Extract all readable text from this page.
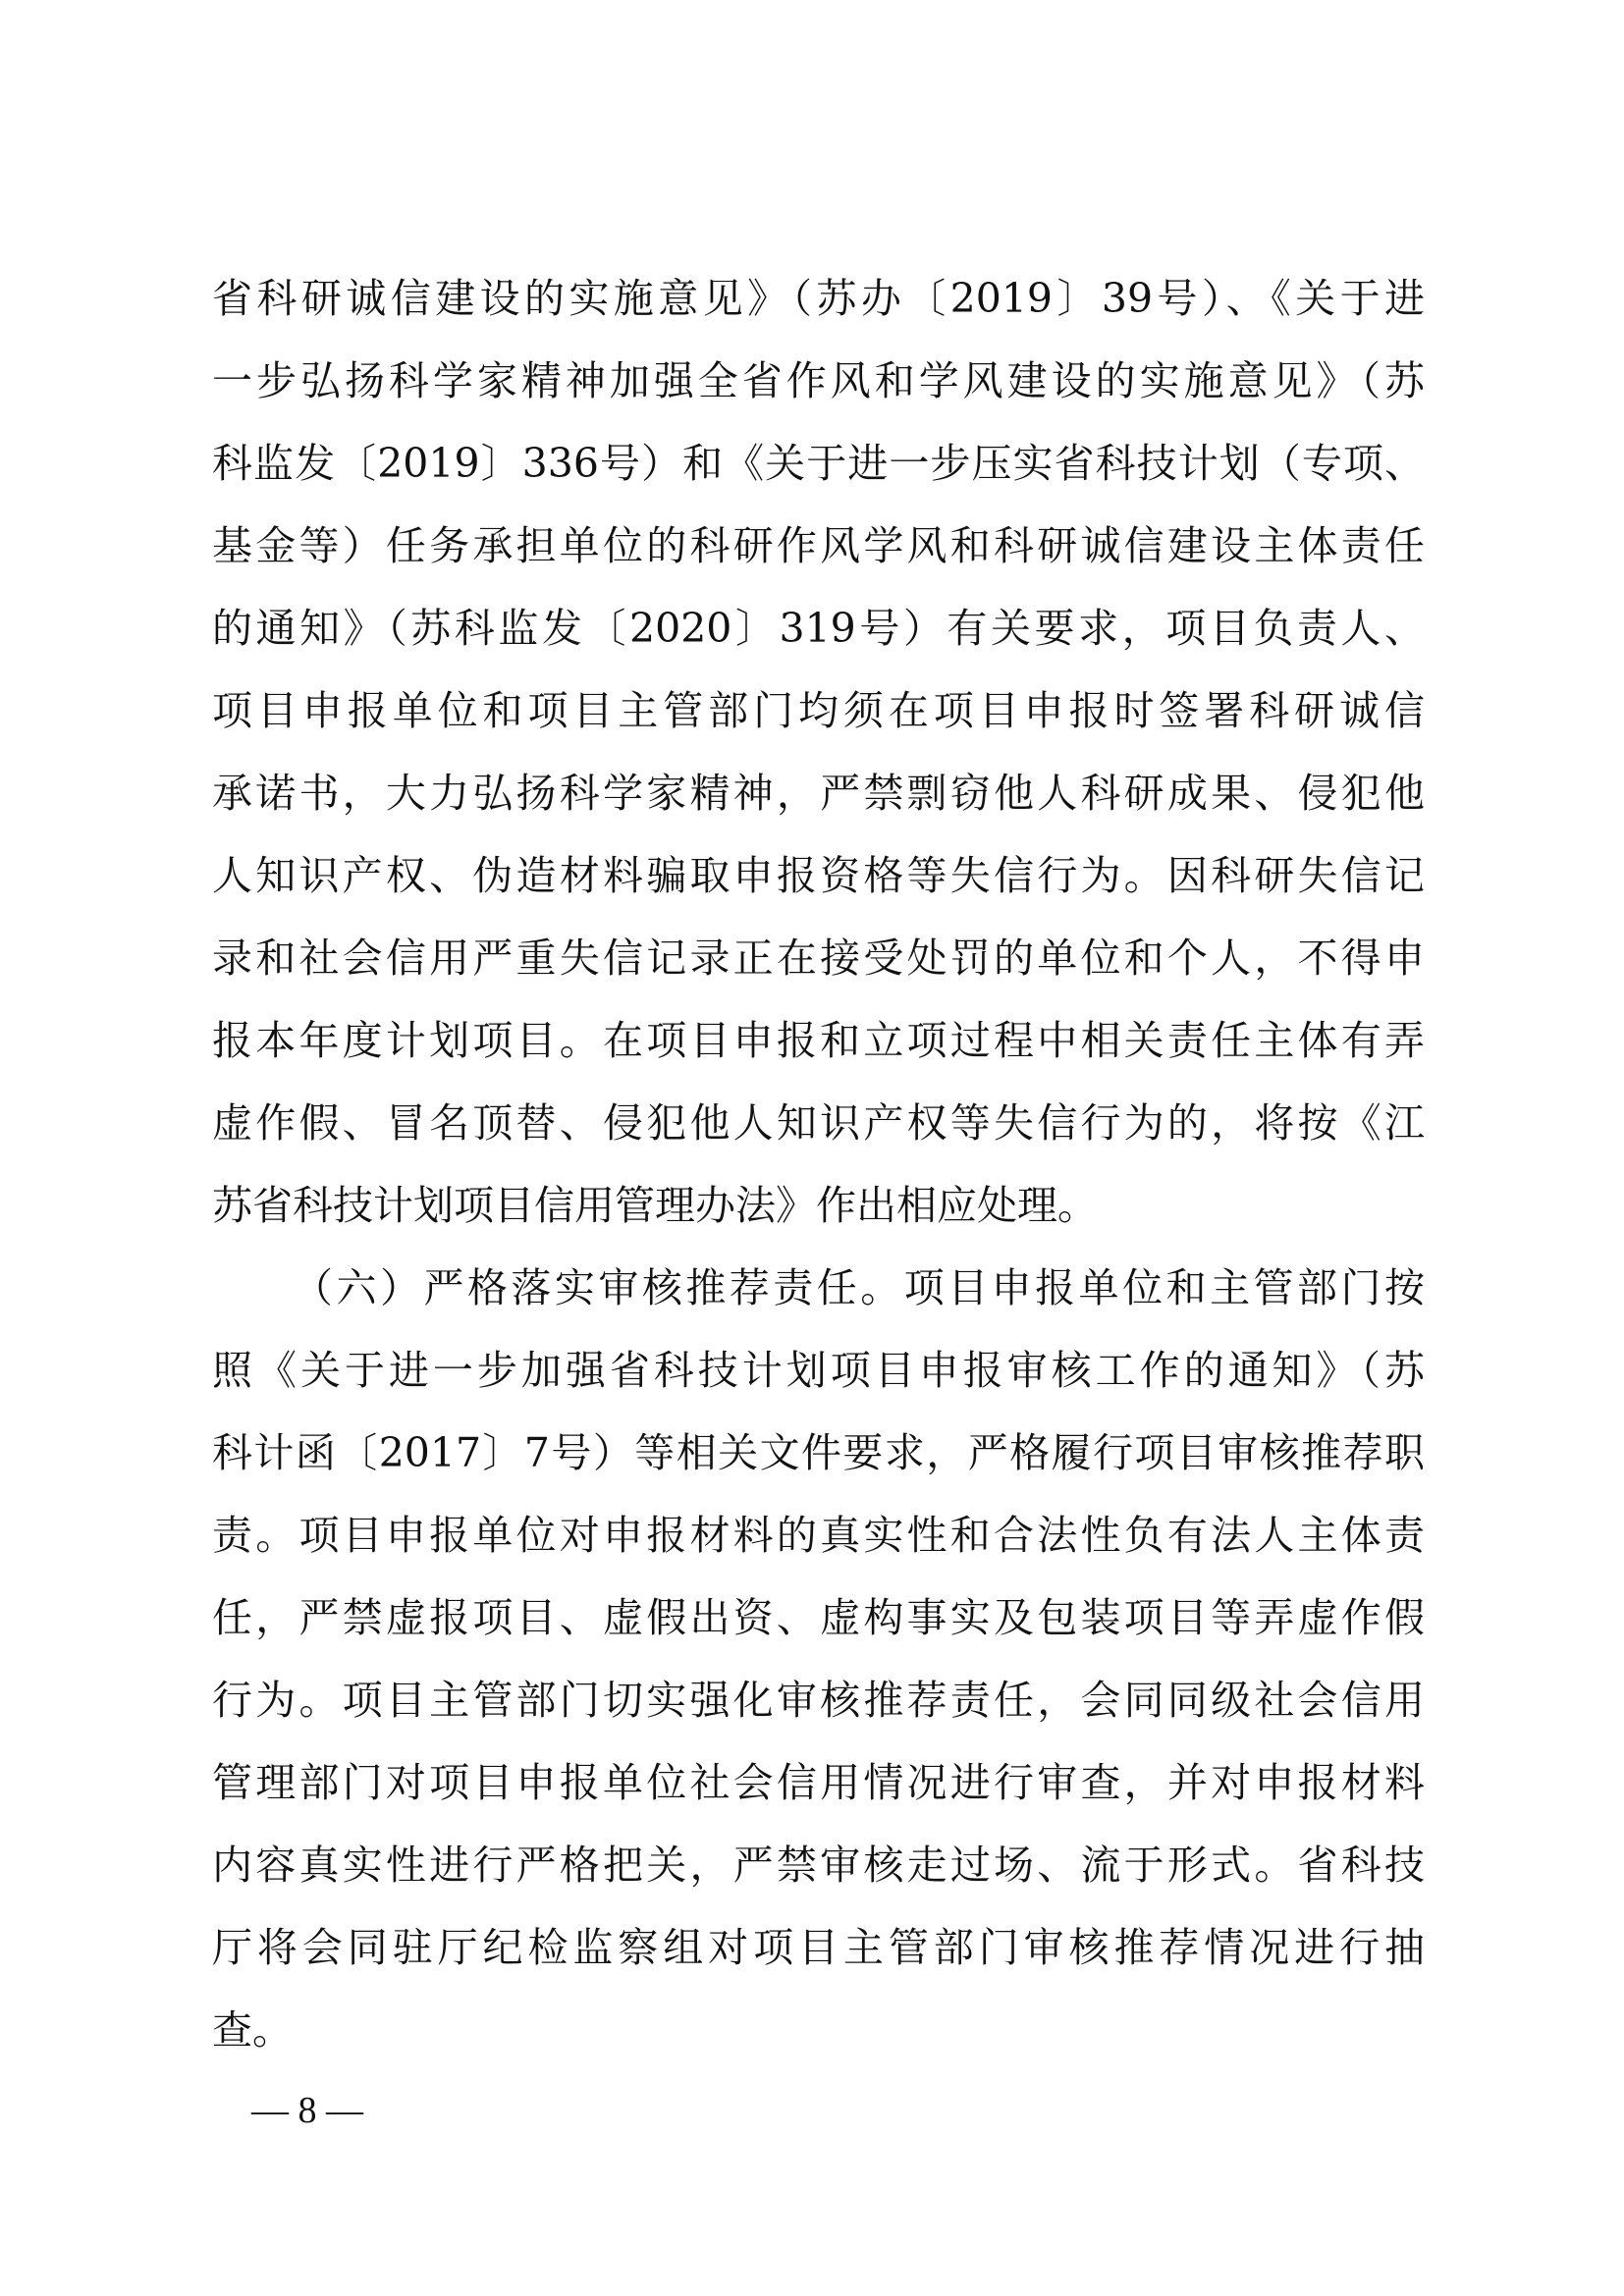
省科研诚信建设的实施意见》（苏办〔2019〕39号）、《关于进
一步弘扬科学家精神加强全省作风和学风建设的实施意见》（苏
科监发〔2019〕336号）和《关于进一步压实省科技计划（专项、
基金等）任务承担单位的科研作风学风和科研诚信建设主体责任
的通知》（苏科监发〔2020〕319号）有关要求，项目负责人、
项目申报单位和项目主管部门均须在项目申报时签署科研诚信
承诺书，大力弘扬科学家精神，严禁剽窃他人科研成果、侵犯他
人知识产权、伪造材料骗取申报资格等失信行为。因科研失信记
录和社会信用严重失信记录正在接受处罚的单位和个人，不得申
报本年度计划项目。在项目申报和立项过程中相关责任主体有弄
虚作假、冒名顶替、侵犯他人知识产权等失信行为的，将按《江
苏省科技计划项目信用管理办法》作出相应处理。
（六）严格落实审核推荐责任。项目申报单位和主管部门按
照《关于进一步加强省科技计划项目申报审核工作的通知》（苏
科计函〔2017〕7号）等相关文件要求，严格履行项目审核推荐职
责。项目申报单位对申报材料的真实性和合法性负有法人主体责
任，严禁虚报项目、虚假出资、虚构事实及包装项目等弄虚作假
行为。项目主管部门切实强化审核推荐责任，会同同级社会信用
管理部门对项目申报单位社会信用情况进行审查，并对申报材料
内容真实性进行严格把关，严禁审核走过场、流于形式。省科技
厅将会同驻厅纪检监察组对项目主管部门审核推荐情况进行抽
查。
— 8 —
